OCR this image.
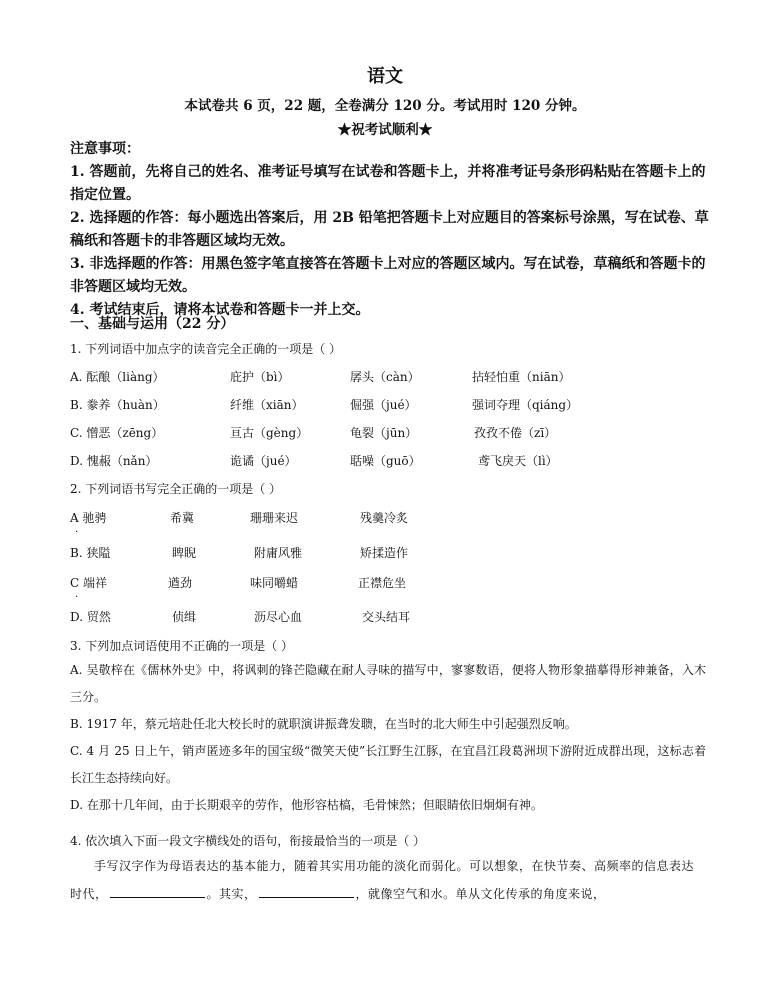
语文
本试卷共 6 页，22 题，全卷满分 120 分。考试用时 120 分钟。
★祝考试顺利★

注意事项：

1. 答题前，先将自己的姓名、准考证号填写在试卷和答题卡上，并将准考证号条形码粘贴在答题卡上的指定位置。

2. 选择题的作答：每小题选出答案后，用 2B 铅笔把答题卡上对应题目的答案标号涂黑，写在试卷、草稿纸和答题卡的非答题区域均无效。

3. 非选择题的作答：用黑色签字笔直接答在答题卡上对应的答题区域内。写在试卷，草稿纸和答题卡的非答题区域均无效。

4. 考试结束后，请将本试卷和答题卡一并上交。

一、基础与运用（22 分）
1. 下列词语中加点字的读音完全正确的一项是（ ）
A. 酝酿（liàng）	庇护（bì）	孱头（càn）	拈轻怕重（niān）
B. 豢养（huàn）	纤维（xiān）	倔强（jué）	强词夺理（qiáng）
C. 憎恶（zēng）	亘古（gèng）	龟裂（jūn）	孜孜不倦（zī）
D. 愧赧（nǎn）	诡谲（jué）	聒噪（guō）	鸢飞戾天（lì）
2. 下列词语书写完全正确的一项是（ ）
A 驰骋	希冀	珊珊来迟	残羹冷炙
.
B. 狭隘	睥睨	附庸风雅	矫揉造作
C 端祥	遒劲	味同嚼蜡	正襟危坐
.
D. 贸然	侦缉	沥尽心血	交头结耳
3. 下列加点词语使用不正确的一项是（ ）

A. 吴敬梓在《儒林外史》中，将讽刺的锋芒隐藏在耐人寻味的描写中，寥寥数语，便将人物形象描摹得形神兼备，入木三分。

B. 1917 年，蔡元培赴任北大校长时的就职演讲振聋发聩，在当时的北大师生中引起强烈反响。

C. 4 月 25 日上午，销声匿迹多年的国宝级“微笑天使”长江野生江豚，在宜昌江段葛洲坝下游附近成群出现，这标志着长江生态持续向好。

D. 在那十几年间，由于长期艰辛的劳作，他形容枯槁，毛骨悚然；但眼睛依旧炯炯有神。

4. 依次填入下面一段文字横线处的语句，衔接最恰当的一项是（ ）
手写汉字作为母语表达的基本能力，随着其实用功能的淡化而弱化。可以想象，在快节奏、高频率的信息表达时代，	。其实，	，就像空气和水。单从文化传承的角度来说，
